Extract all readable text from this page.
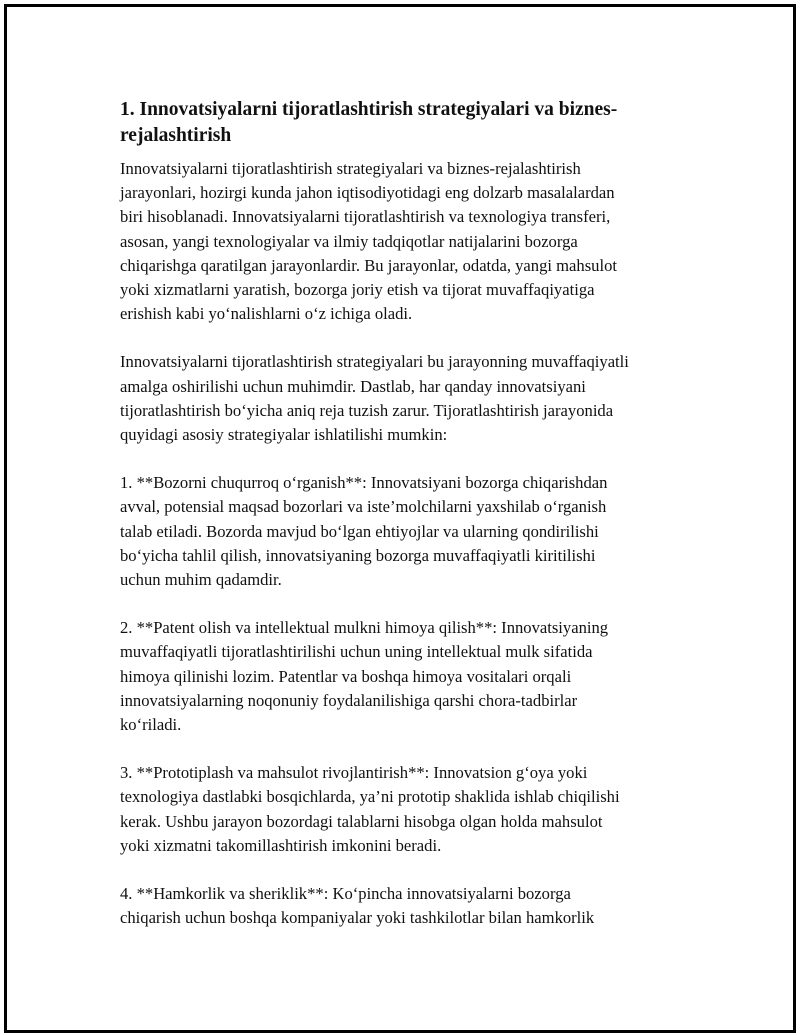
1. Innovatsiyalarni tijoratlashtirish strategiyalari va biznes-
rejalashtirish

Innovatsiyalarni tijoratlashtirish strategiyalari va biznes-rejalashtirish
jarayonlari, hozirgi kunda jahon iqtisodiyotidagi eng dolzarb masalalardan
biri hisoblanadi. Innovatsiyalarni tijoratlashtirish va texnologiya transferi,
asosan, yangi texnologiyalar va ilmiy tadqiqotlar natijalarini bozorga
chiqarishga qaratilgan jarayonlardir. Bu jarayonlar, odatda, yangi mahsulot
yoki xizmatlarni yaratish, bozorga joriy etish va tijorat muvaffaqiyatiga
erishish kabi yo‘nalishlarni o‘z ichiga oladi.

Innovatsiyalarni tijoratlashtirish strategiyalari bu jarayonning muvaffaqiyatli
amalga oshirilishi uchun muhimdir. Dastlab, har qanday innovatsiyani
tijoratlashtirish bo‘yicha aniq reja tuzish zarur. Tijoratlashtirish jarayonida
quyidagi asosiy strategiyalar ishlatilishi mumkin:

1. **Bozorni chuqurroq o‘rganish**: Innovatsiyani bozorga chiqarishdan
avval, potensial maqsad bozorlari va iste’molchilarni yaxshilab o‘rganish
talab etiladi. Bozorda mavjud bo‘lgan ehtiyojlar va ularning qondirilishi
bo‘yicha tahlil qilish, innovatsiyaning bozorga muvaffaqiyatli kiritilishi
uchun muhim qadamdir.

2. **Patent olish va intellektual mulkni himoya qilish**: Innovatsiyaning
muvaffaqiyatli tijoratlashtirilishi uchun uning intellektual mulk sifatida
himoya qilinishi lozim. Patentlar va boshqa himoya vositalari orqali
innovatsiyalarning noqonuniy foydalanilishiga qarshi chora-tadbirlar
ko‘riladi.

3. **Prototiplash va mahsulot rivojlantirish**: Innovatsion g‘oya yoki
texnologiya dastlabki bosqichlarda, ya’ni prototip shaklida ishlab chiqilishi
kerak. Ushbu jarayon bozordagi talablarni hisobga olgan holda mahsulot
yoki xizmatni takomillashtirish imkonini beradi.

4. **Hamkorlik va sheriklik**: Ko‘pincha innovatsiyalarni bozorga
chiqarish uchun boshqa kompaniyalar yoki tashkilotlar bilan hamkorlik
